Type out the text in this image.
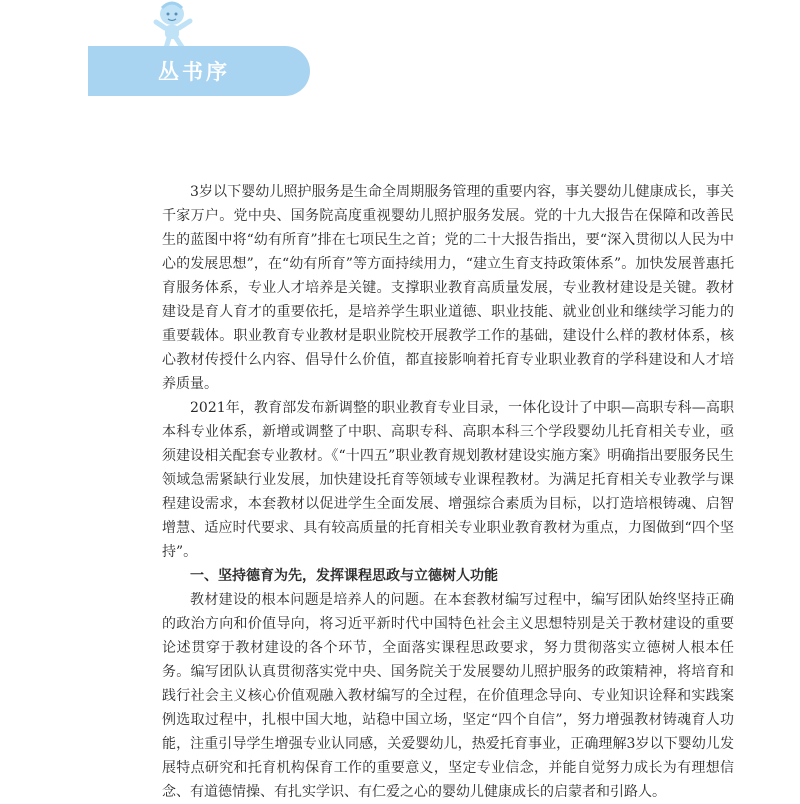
丛书序

3岁以下婴幼儿照护服务是生命全周期服务管理的重要内容，事关婴幼儿健康成长，事关千家万户。党中央、国务院高度重视婴幼儿照护服务发展。党的十九大报告在保障和改善民生的蓝图中将“幼有所育”排在七项民生之首；党的二十大报告指出，要“深入贯彻以人民为中心的发展思想”，在“幼有所育”等方面持续用力，“建立生育支持政策体系”。加快发展普惠托育服务体系，专业人才培养是关键。支撑职业教育高质量发展，专业教材建设是关键。教材建设是育人育才的重要依托，是培养学生职业道德、职业技能、就业创业和继续学习能力的重要载体。职业教育专业教材是职业院校开展教学工作的基础，建设什么样的教材体系，核心教材传授什么内容、倡导什么价值，都直接影响着托育专业职业教育的学科建设和人才培养质量。

2021年，教育部发布新调整的职业教育专业目录，一体化设计了中职—高职专科—高职本科专业体系，新增或调整了中职、高职专科、高职本科三个学段婴幼儿托育相关专业，亟须建设相关配套专业教材。《“十四五”职业教育规划教材建设实施方案》明确指出要服务民生领域急需紧缺行业发展，加快建设托育等领域专业课程教材。为满足托育相关专业教学与课程建设需求，本套教材以促进学生全面发展、增强综合素质为目标，以打造培根铸魂、启智增慧、适应时代要求、具有较高质量的托育相关专业职业教育教材为重点，力图做到“四个坚持”。

一、坚持德育为先，发挥课程思政与立德树人功能

教材建设的根本问题是培养人的问题。在本套教材编写过程中，编写团队始终坚持正确的政治方向和价值导向，将习近平新时代中国特色社会主义思想特别是关于教材建设的重要论述贯穿于教材建设的各个环节，全面落实课程思政要求，努力贯彻落实立德树人根本任务。编写团队认真贯彻落实党中央、国务院关于发展婴幼儿照护服务的政策精神，将培育和践行社会主义核心价值观融入教材编写的全过程，在价值理念导向、专业知识诠释和实践案例选取过程中，扎根中国大地，站稳中国立场，坚定“四个自信”，努力增强教材铸魂育人功能，注重引导学生增强专业认同感，关爱婴幼儿，热爱托育事业，正确理解3岁以下婴幼儿发展特点研究和托育机构保育工作的重要意义，坚定专业信念，并能自觉努力成长为有理想信念、有道德情操、有扎实学识、有仁爱之心的婴幼儿健康成长的启蒙者和引路人。
